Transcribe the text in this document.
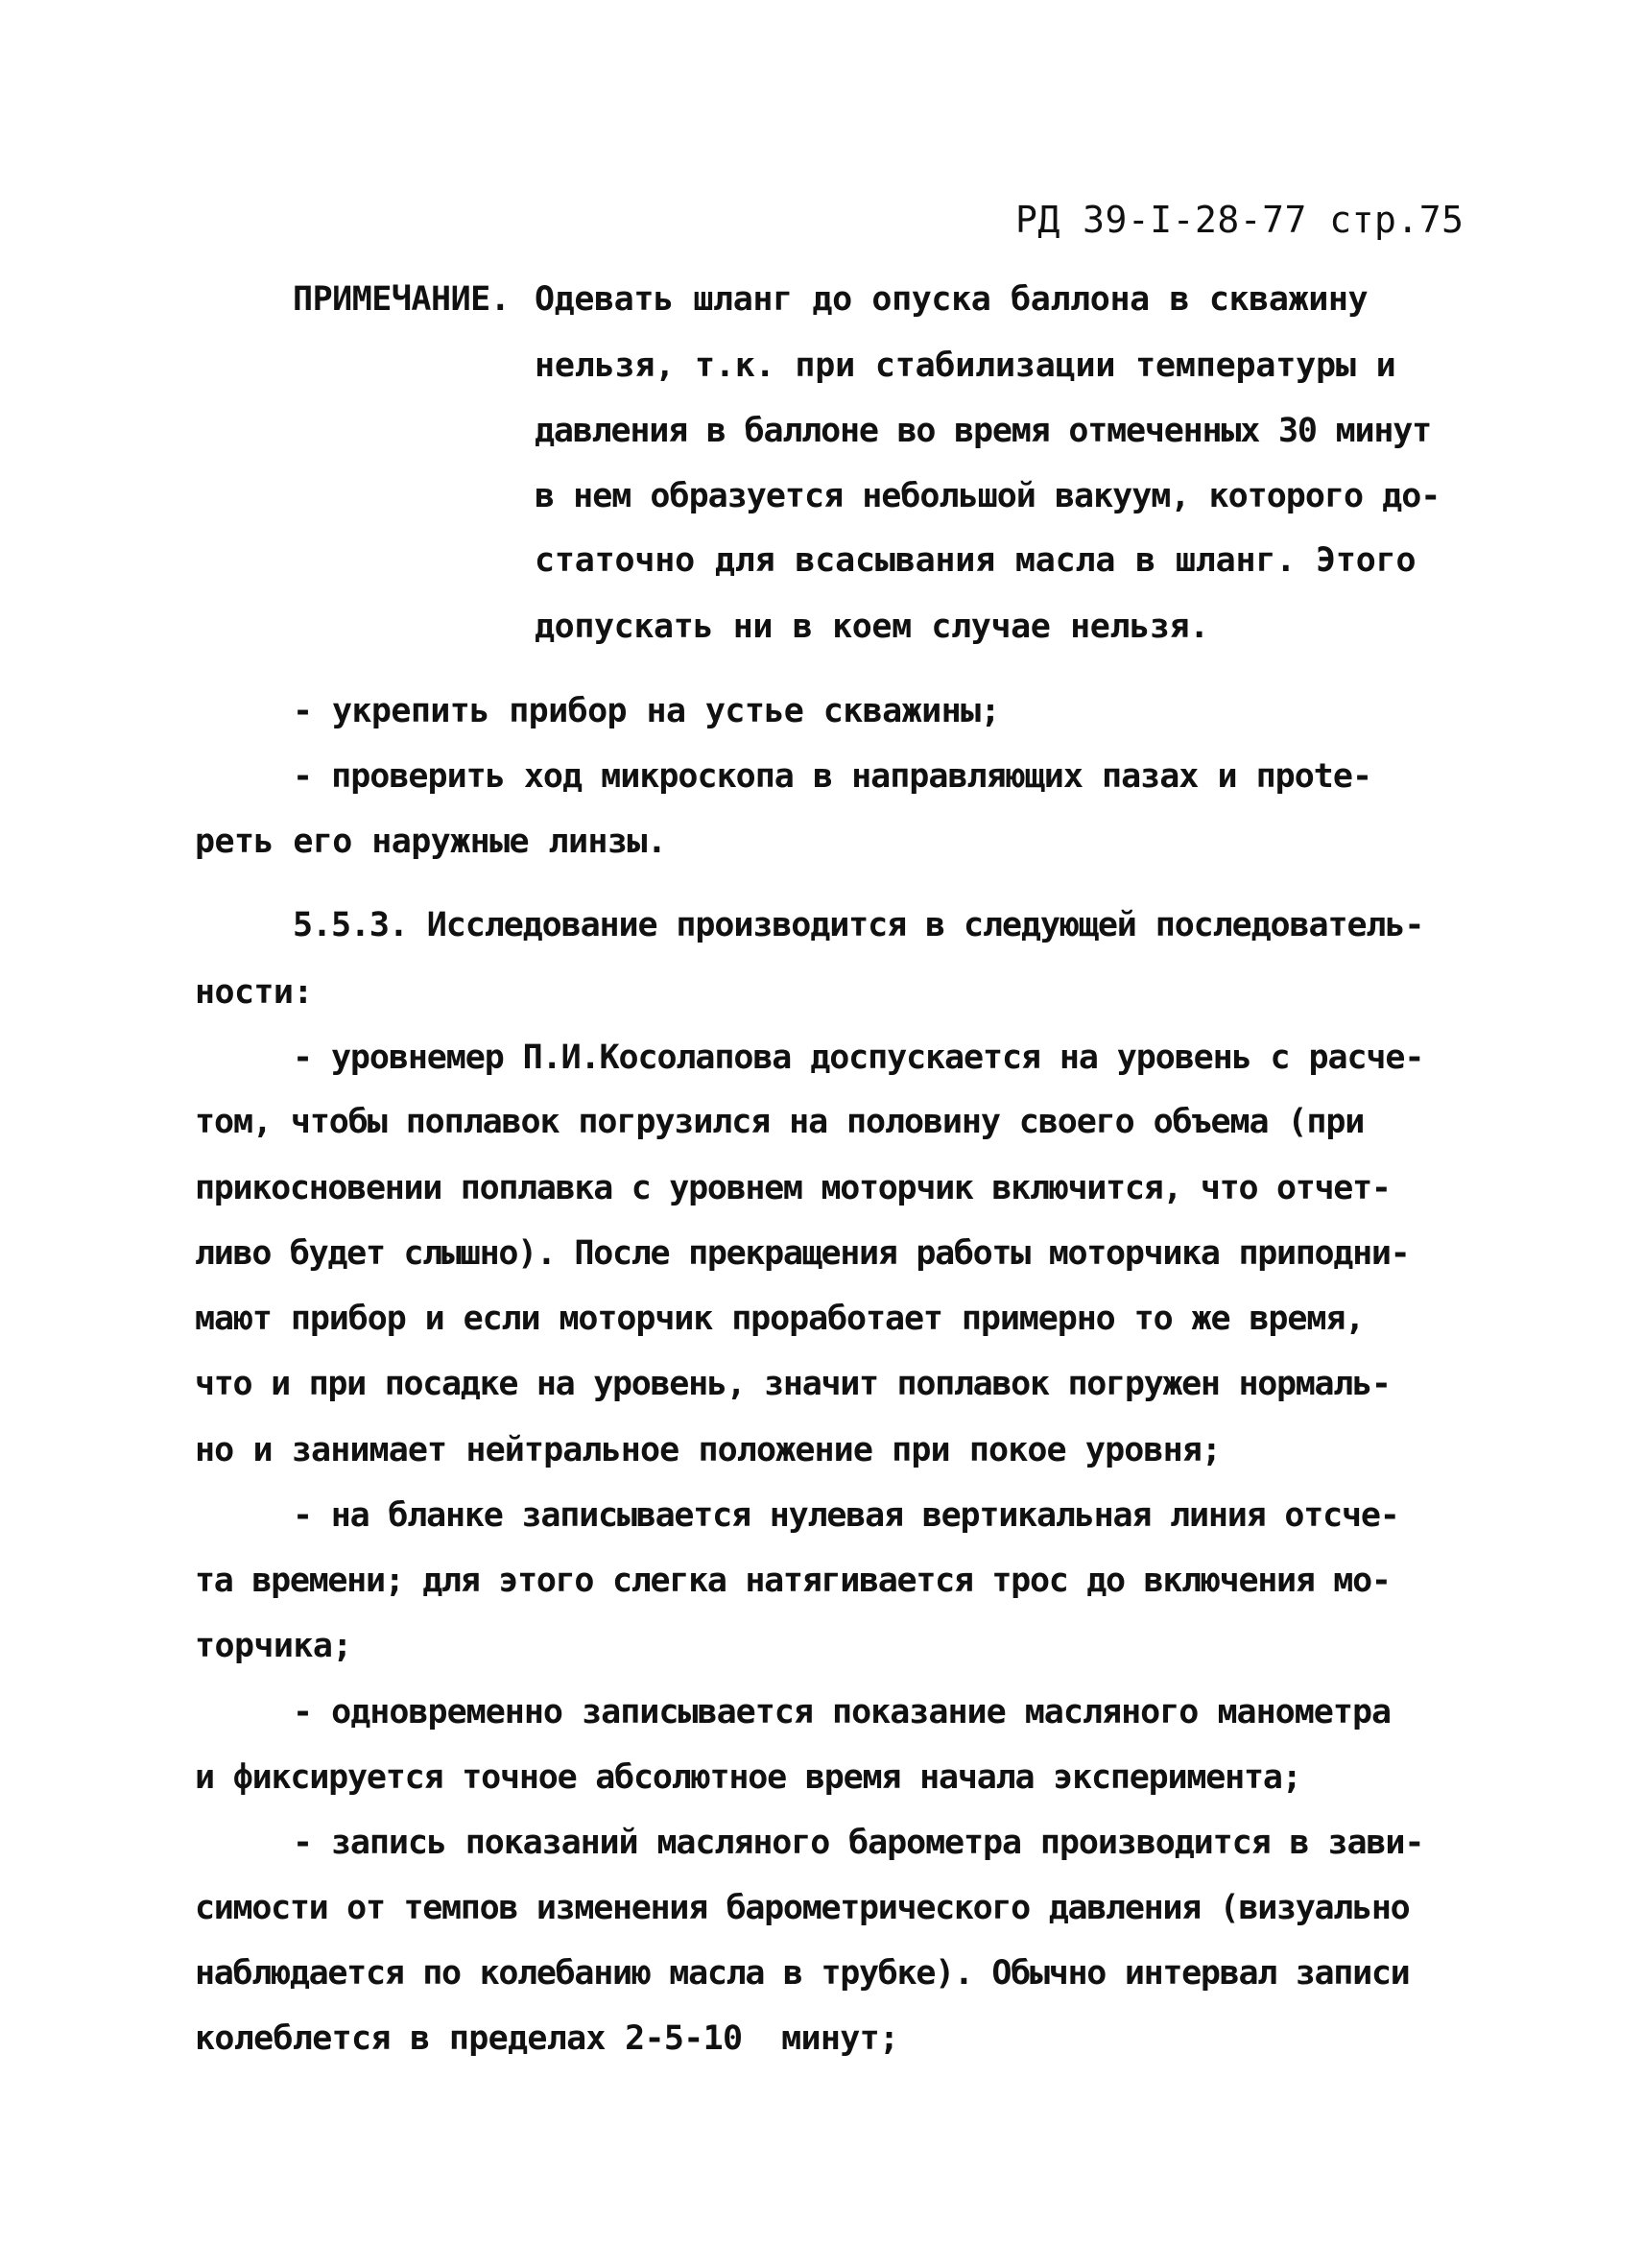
РД 39-I-28-77 стр.75
ПРИМЕЧАНИЕ. Одевать шланг до опуска баллона в скважину
нельзя, т.к. при стабилизации температуры и
давления в баллоне во время отмеченных 30 минут
в нем образуется небольшой вакуум, которого до-
статочно для всасывания масла в шланг. Этого
допускать ни в коем случае нельзя.
- укрепить прибор на устье скважины;
- проверить ход микроскопа в направляющих пазах и прote-
реть его наружные линзы.
5.5.3. Исследование производится в следующей последователь-
ности:
- уровнемер П.И.Косолапова доспускается на уровень с расче-
том, чтобы поплавок погрузился на половину своего объема (при
прикосновении поплавка с уровнем моторчик включится, что отчет-
ливо будет слышно). После прекращения работы моторчика приподни-
мают прибор и если моторчик проработает примерно то же время,
что и при посадке на уровень, значит поплавок погружен нормаль-
но и занимает нейтральное положение при покое уровня;
- на бланке записывается нулевая вертикальная линия отсче-
та времени; для этого слегка натягивается трос до включения мо-
торчика;
- одновременно записывается показание масляного манометра
и фиксируется точное абсолютное время начала эксперимента;
- запись показаний масляного барометра производится в зави-
симости от темпов изменения барометрического давления (визуально
наблюдается по колебанию масла в трубке). Обычно интервал записи
колеблется в пределах 2-5-10  минут;
